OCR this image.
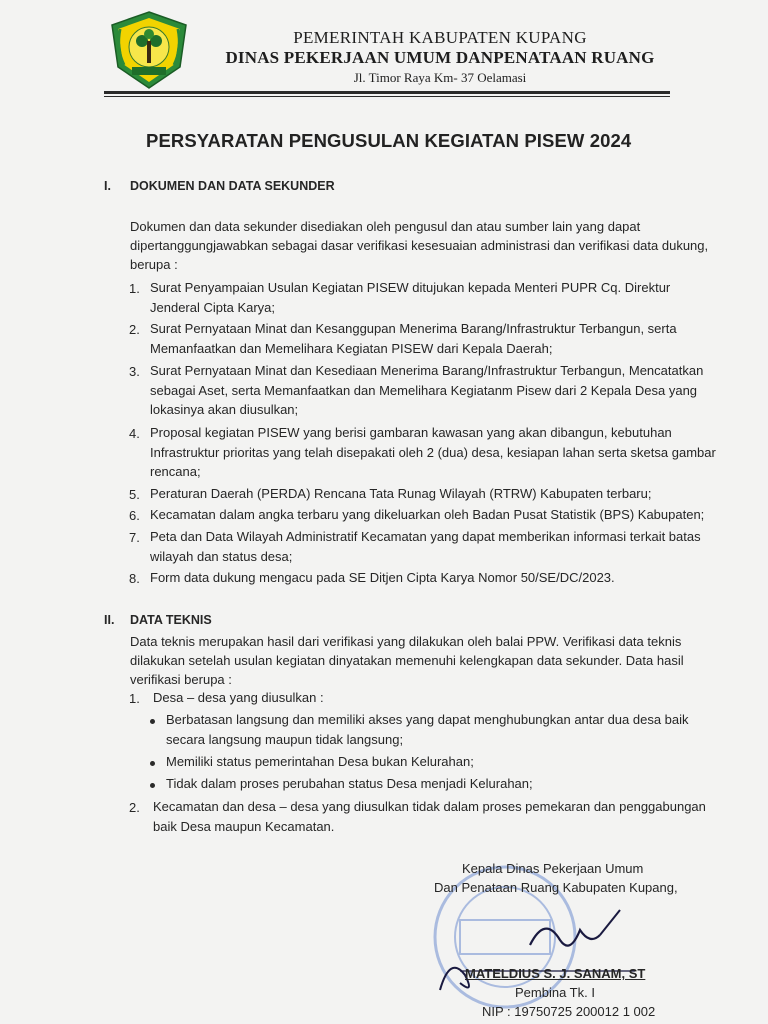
PEMERINTAH KABUPATEN KUPANG
DINAS PEKERJAAN UMUM DANPENATAAN RUANG
Jl. Timor Raya Km- 37 Oelamasi
PERSYARATAN PENGUSULAN KEGIATAN PISEW 2024
I. DOKUMEN DAN DATA SEKUNDER
Dokumen dan data sekunder disediakan oleh pengusul dan atau sumber lain yang dapat
dipertanggungjawabkan sebagai dasar verifikasi kesesuaian administrasi dan verifikasi data dukung,
berupa :
1. Surat Penyampaian Usulan Kegiatan PISEW ditujukan kepada Menteri PUPR Cq. Direktur
Jenderal Cipta Karya;
2. Surat Pernyataan Minat dan Kesanggupan Menerima Barang/Infrastruktur Terbangun, serta
Memanfaatkan dan Memelihara Kegiatan PISEW dari Kepala Daerah;
3. Surat Pernyataan Minat dan Kesediaan Menerima Barang/Infrastruktur Terbangun, Mencatatkan
sebagai Aset, serta Memanfaatkan dan Memelihara Kegiatanm Pisew dari 2 Kepala Desa yang
lokasinya akan diusulkan;
4. Proposal kegiatan PISEW yang berisi gambaran kawasan yang akan dibangun, kebutuhan
Infrastruktur prioritas yang telah disepakati oleh 2 (dua) desa, kesiapan lahan serta sketsa gambar
rencana;
5. Peraturan Daerah (PERDA) Rencana Tata Runag Wilayah (RTRW) Kabupaten terbaru;
6. Kecamatan dalam angka terbaru yang dikeluarkan oleh Badan Pusat Statistik (BPS) Kabupaten;
7. Peta dan Data Wilayah Administratif Kecamatan yang dapat memberikan informasi terkait batas
wilayah dan status desa;
8. Form data dukung mengacu pada SE Ditjen Cipta Karya Nomor 50/SE/DC/2023.
II. DATA TEKNIS
Data teknis merupakan hasil dari verifikasi yang dilakukan oleh balai PPW. Verifikasi data teknis
dilakukan setelah usulan kegiatan dinyatakan memenuhi kelengkapan data sekunder. Data hasil
verifikasi berupa :
1. Desa – desa yang diusulkan :
Berbatasan langsung dan memiliki akses yang dapat menghubungkan antar dua desa baik
secara langsung maupun tidak langsung;
Memiliki status pemerintahan Desa bukan Kelurahan;
Tidak dalam proses perubahan status Desa menjadi Kelurahan;
2. Kecamatan dan desa – desa yang diusulkan tidak dalam proses pemekaran dan penggabungan
baik Desa maupun Kecamatan.
Kepala Dinas Pekerjaan Umum
Dan Penataan Ruang Kabupaten Kupang,
MATELDIUS S. J. SANAM, ST
Pembina Tk. I
NIP : 19750725 200012 1 002
